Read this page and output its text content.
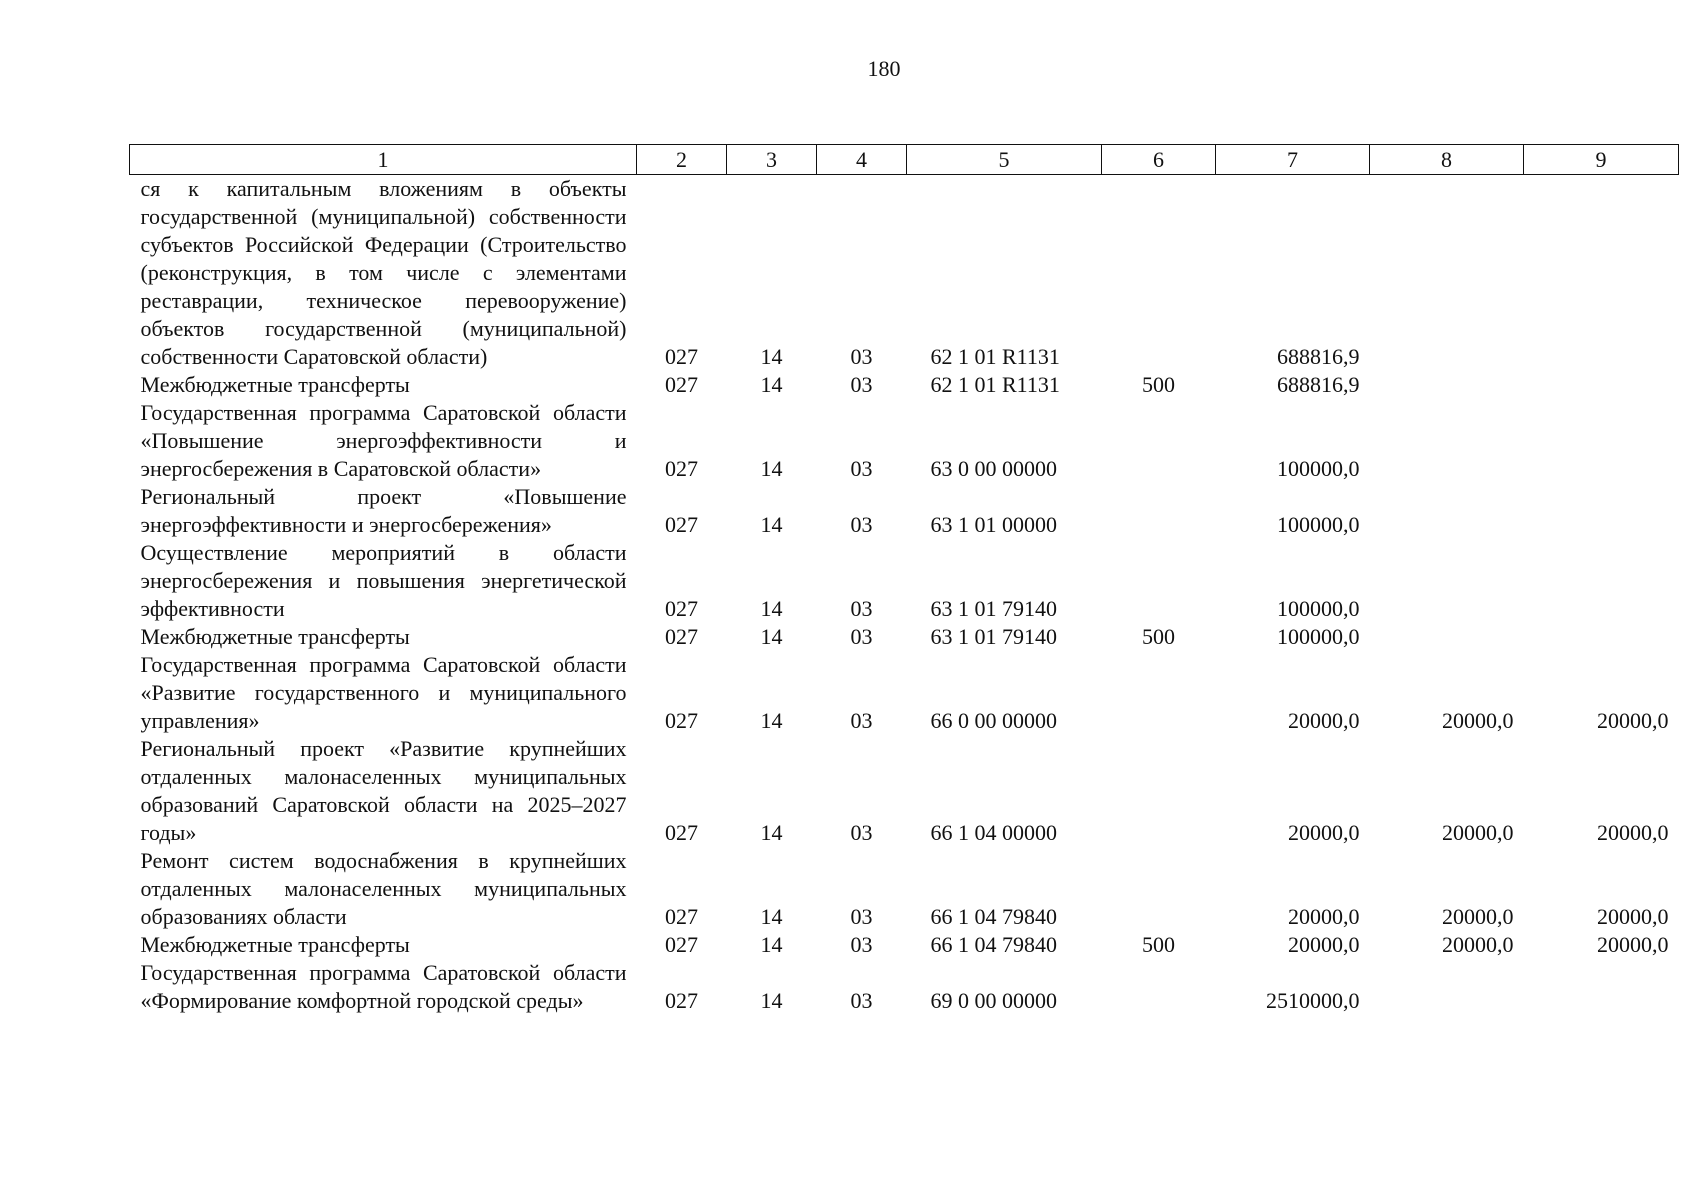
180
1	2	3	4	5	6	7	8	9
ся к капитальным вложениям в объекты государственной (муниципальной) собственности субъектов Российской Федерации (Строительство (реконструкция, в том числе с элементами реставрации, техническое перевооружение) объектов государственной (муниципальной) собственности Саратовской области)	027	14	03	62 1 01 R1131		688816,9		
Межбюджетные трансферты	027	14	03	62 1 01 R1131	500	688816,9		
Государственная программа Саратовской области «Повышение энергоэффективности и энергосбережения в Саратовской области»	027	14	03	63 0 00 00000		100000,0		
Региональный проект «Повышение энергоэффективности и энергосбережения»	027	14	03	63 1 01 00000		100000,0		
Осуществление мероприятий в области энергосбережения и повышения энергетической эффективности	027	14	03	63 1 01 79140		100000,0		
Межбюджетные трансферты	027	14	03	63 1 01 79140	500	100000,0		
Государственная программа Саратовской области «Развитие государственного и муниципального управления»	027	14	03	66 0 00 00000		20000,0	20000,0	20000,0
Региональный проект «Развитие крупнейших отдаленных малонаселенных муниципальных образований Саратовской области на 2025–2027 годы»	027	14	03	66 1 04 00000		20000,0	20000,0	20000,0
Ремонт систем водоснабжения в крупнейших отдаленных малонаселенных муниципальных образованиях области	027	14	03	66 1 04 79840		20000,0	20000,0	20000,0
Межбюджетные трансферты	027	14	03	66 1 04 79840	500	20000,0	20000,0	20000,0
Государственная программа Саратовской области «Формирование комфортной городской среды»	027	14	03	69 0 00 00000		2510000,0		
